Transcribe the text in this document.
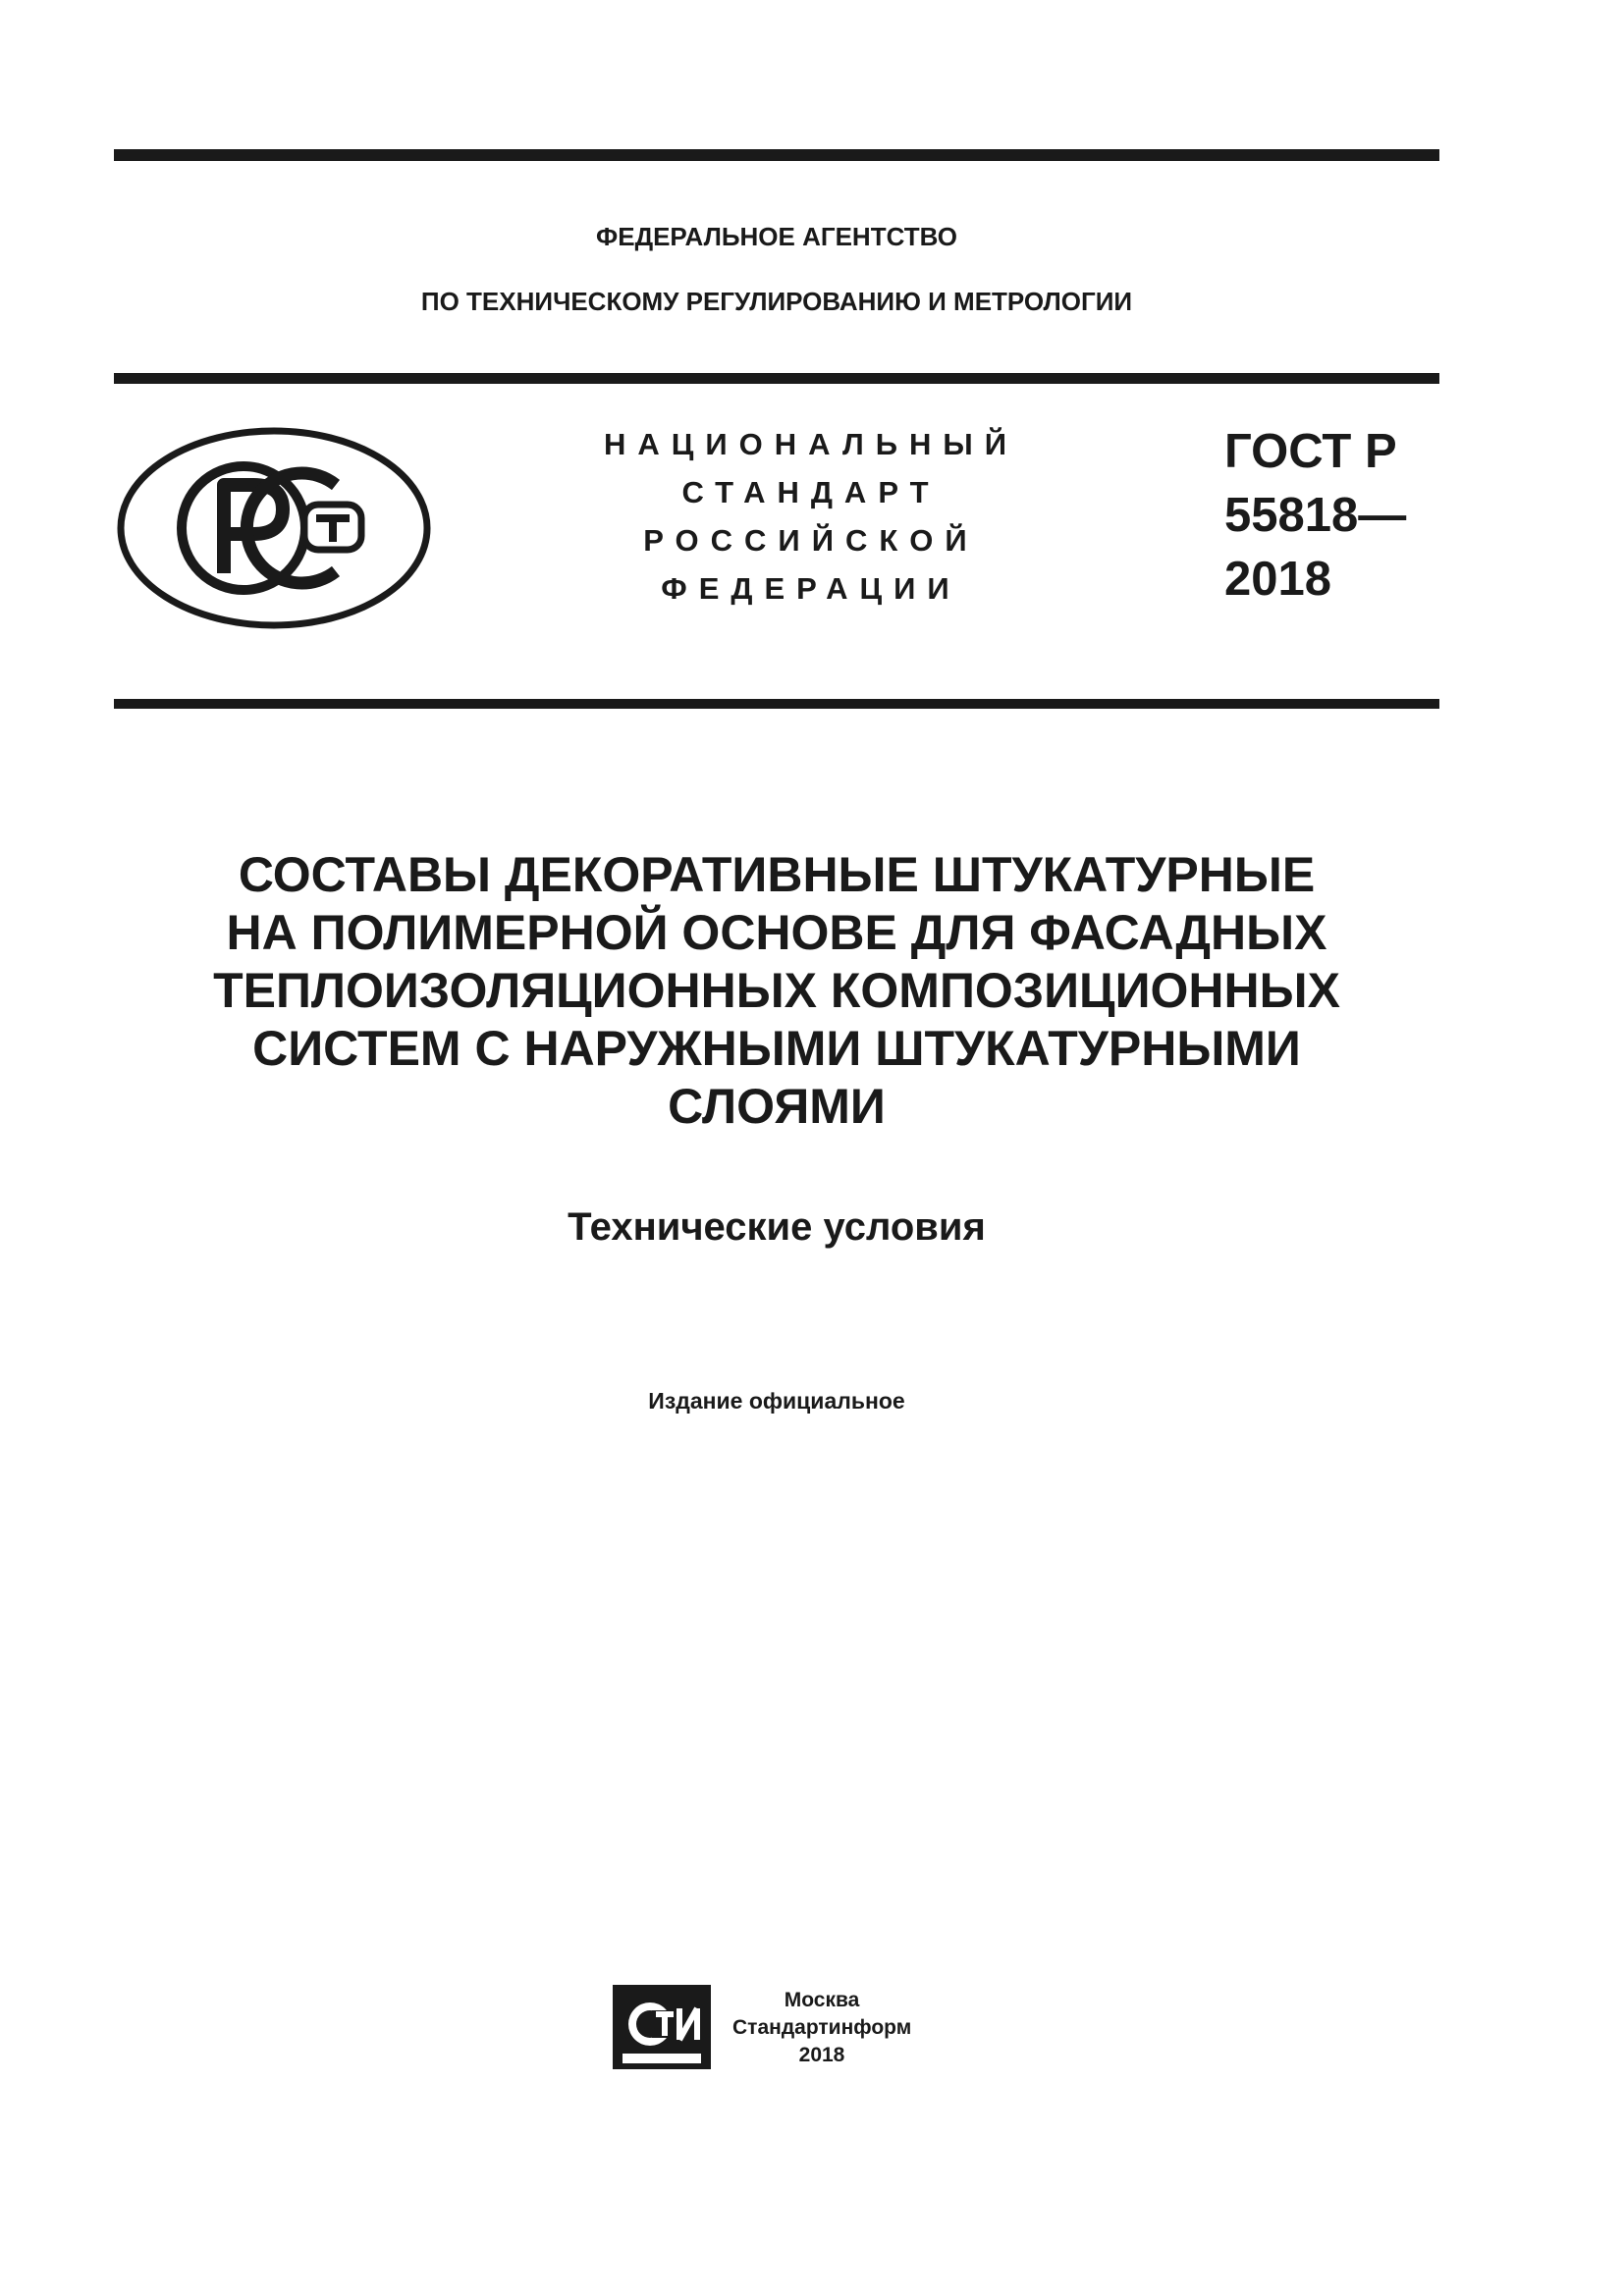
ФЕДЕРАЛЬНОЕ АГЕНТСТВО
ПО ТЕХНИЧЕСКОМУ РЕГУЛИРОВАНИЮ И МЕТРОЛОГИИ
НАЦИОНАЛЬНЫЙ
СТАНДАРТ
РОССИЙСКОЙ
ФЕДЕРАЦИИ
ГОСТ Р
55818—
2018
СОСТАВЫ ДЕКОРАТИВНЫЕ ШТУКАТУРНЫЕ
НА ПОЛИМЕРНОЙ ОСНОВЕ ДЛЯ ФАСАДНЫХ
ТЕПЛОИЗОЛЯЦИОННЫХ КОМПОЗИЦИОННЫХ
СИСТЕМ С НАРУЖНЫМИ ШТУКАТУРНЫМИ
СЛОЯМИ
Технические условия
Издание официальное
Москва
Стандартинформ
2018
